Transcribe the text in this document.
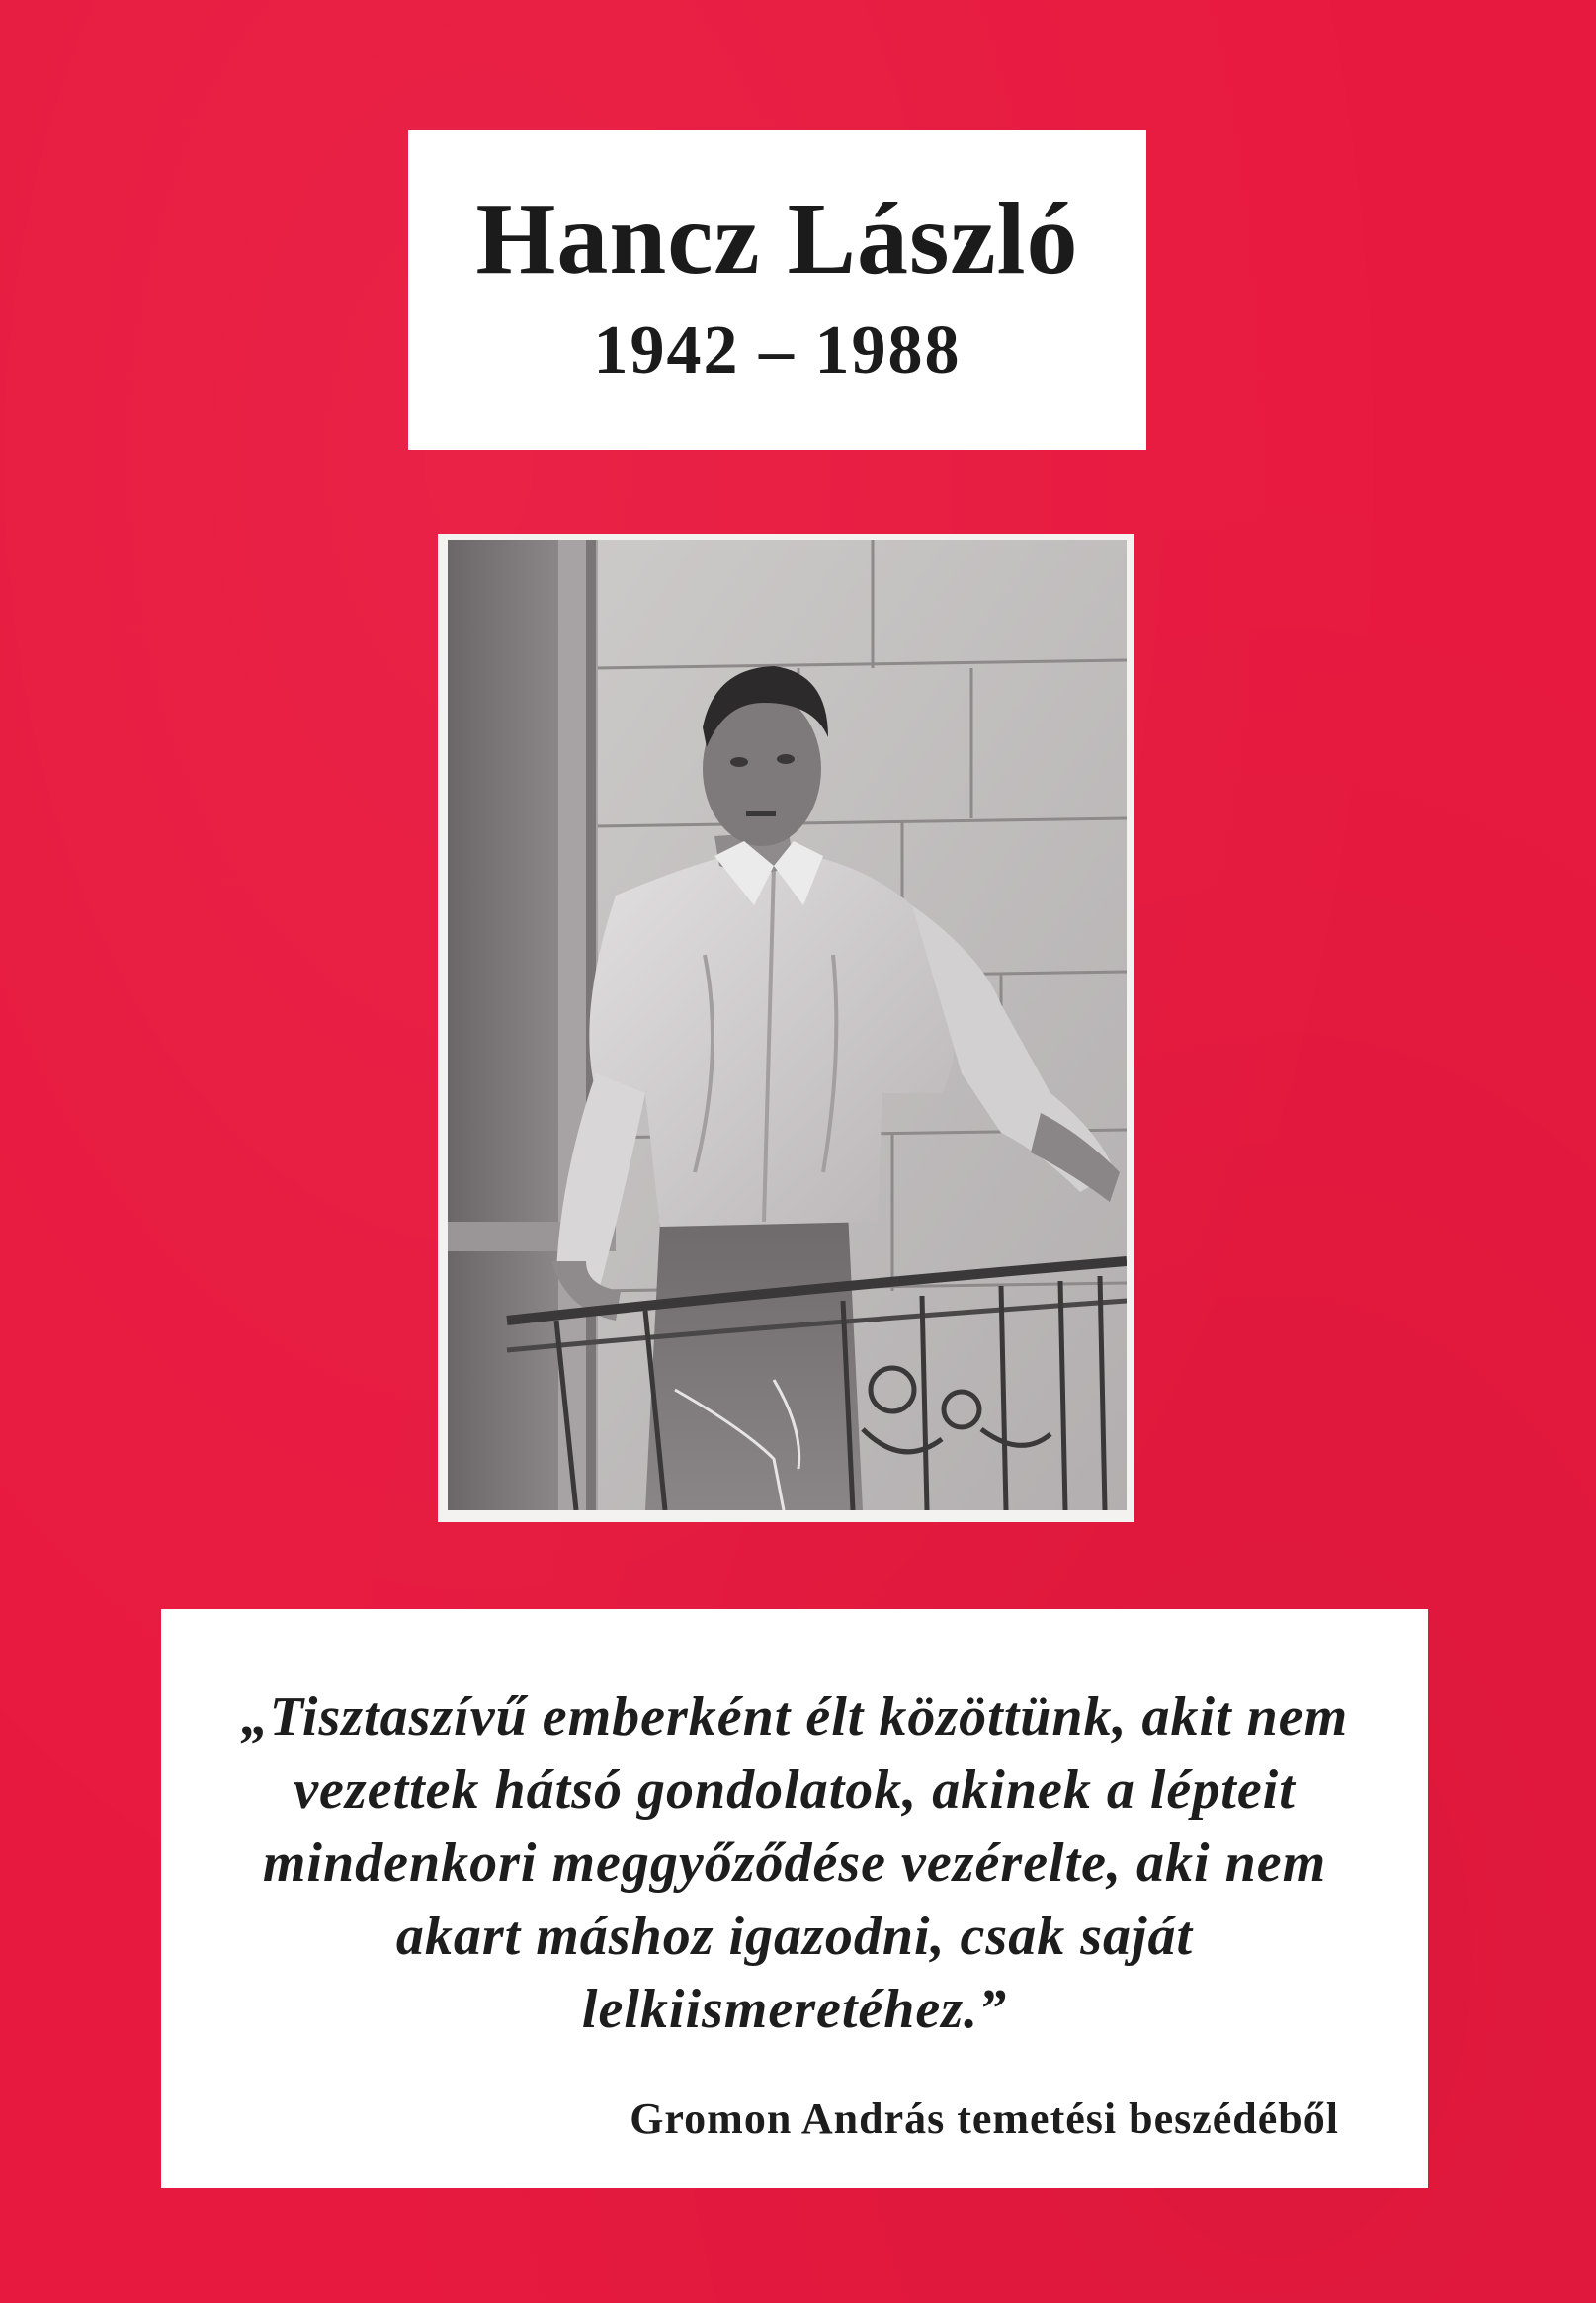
Hancz László
1942 – 1988
„Tisztaszívű emberként élt közöttünk, akit nem vezettek hátsó gondolatok, akinek a lépteit mindenkori meggyőződése vezérelte, aki nem akart máshoz igazodni, csak saját lelkiismeretéhez.”
Gromon András temetési beszédéből
